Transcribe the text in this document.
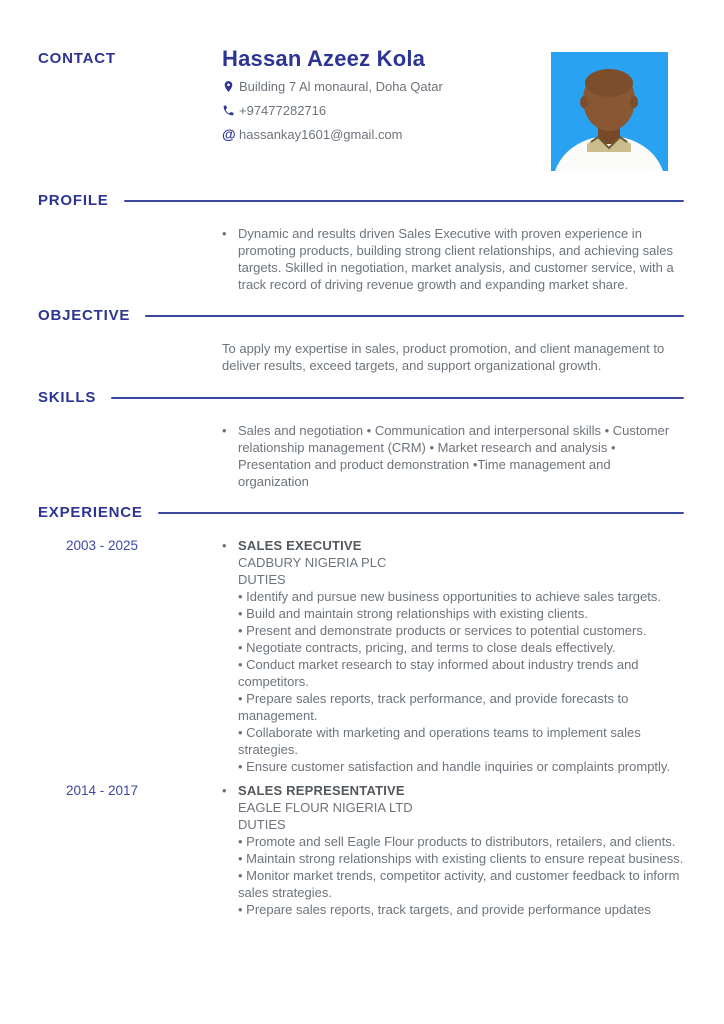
CONTACT	Hassan Azeez Kola
Building 7 Al monaural, Doha Qatar
+97477282716
@ hassankay1601@gmail.com
PROFILE
• Dynamic and results driven Sales Executive with proven experience in promoting products, building strong client relationships, and achieving sales targets. Skilled in negotiation, market analysis, and customer service, with a track record of driving revenue growth and expanding market share.
OBJECTIVE
To apply my expertise in sales, product promotion, and client management to deliver results, exceed targets, and support organizational growth.
SKILLS
• Sales and negotiation • Communication and interpersonal skills • Customer relationship management (CRM) • Market research and analysis • Presentation and product demonstration •Time management and organization
EXPERIENCE
2003 - 2025	• SALES EXECUTIVE
CADBURY NIGERIA PLC
DUTIES
• Identify and pursue new business opportunities to achieve sales targets.
• Build and maintain strong relationships with existing clients.
• Present and demonstrate products or services to potential customers.
• Negotiate contracts, pricing, and terms to close deals effectively.
• Conduct market research to stay informed about industry trends and competitors.
• Prepare sales reports, track performance, and provide forecasts to management.
• Collaborate with marketing and operations teams to implement sales strategies.
• Ensure customer satisfaction and handle inquiries or complaints promptly.
2014 - 2017	• SALES REPRESENTATIVE
EAGLE FLOUR NIGERIA LTD
DUTIES
• Promote and sell Eagle Flour products to distributors, retailers, and clients.
• Maintain strong relationships with existing clients to ensure repeat business.
• Monitor market trends, competitor activity, and customer feedback to inform sales strategies.
• Prepare sales reports, track targets, and provide performance updates
